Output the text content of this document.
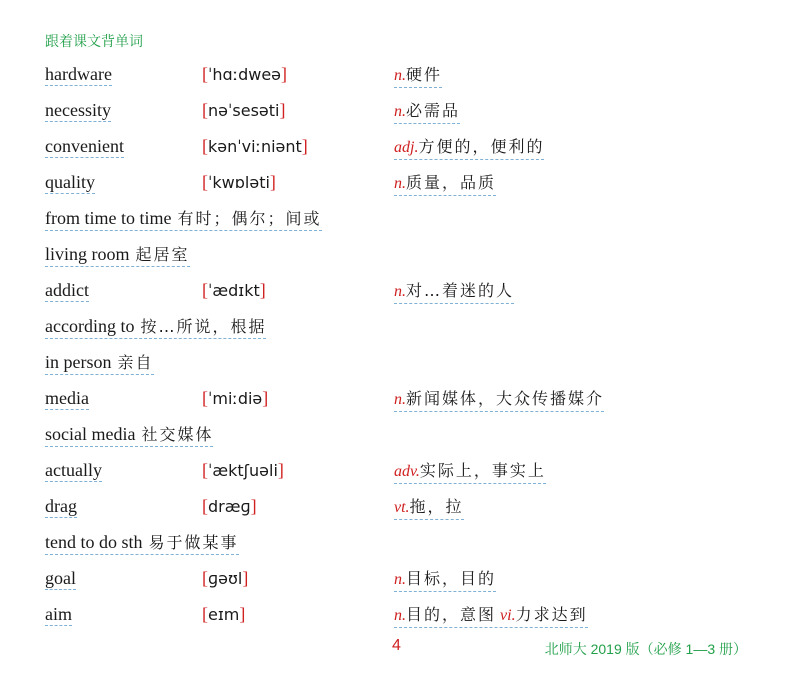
跟着课文背单词
hardware	[ˈhɑːdweə]	n.硬件
necessity	[nəˈsesəti]	n.必需品
convenient	[kənˈviːniənt]	adj.方便的，便利的
quality	[ˈkwɒləti]	n.质量，品质
from time to time 有时；偶尔；间或
living room 起居室
addict	[ˈædɪkt]	n.对…着迷的人
according to 按…所说，根据
in person 亲自
media	[ˈmiːdiə]	n.新闻媒体，大众传播媒介
social media 社交媒体
actually	[ˈæktʃuəli]	adv.实际上，事实上
drag	[dræɡ]	vt.拖，拉
tend to do sth 易于做某事
goal	[ɡəʊl]	n.目标，目的
aim	[eɪm]	n.目的，意图 vi.力求达到
4	北师大 2019 版（必修 1—3 册）
